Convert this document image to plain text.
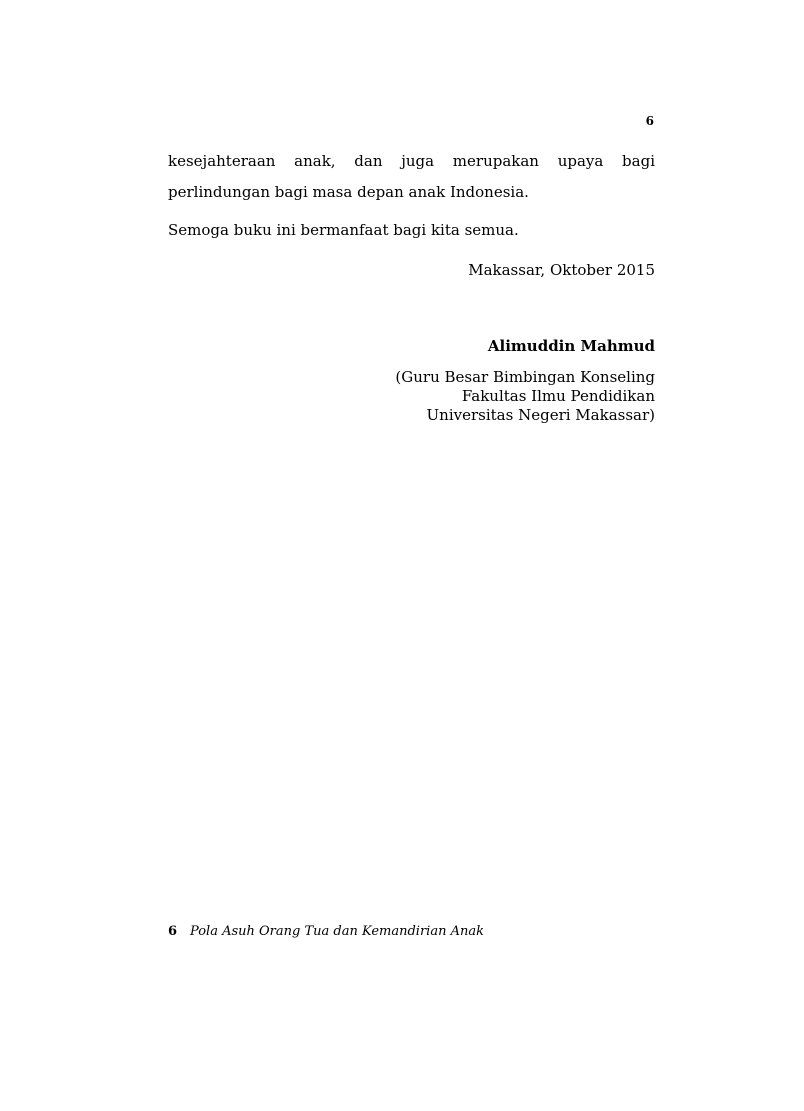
6
kesejahteraan anak, dan juga merupakan upaya bagi
perlindungan bagi masa depan anak Indonesia.
Semoga buku ini bermanfaat bagi kita semua.
Makassar, Oktober 2015
Alimuddin Mahmud
(Guru Besar Bimbingan Konseling
Fakultas Ilmu Pendidikan
Universitas Negeri Makassar)
6 Pola Asuh Orang Tua dan Kemandirian Anak
